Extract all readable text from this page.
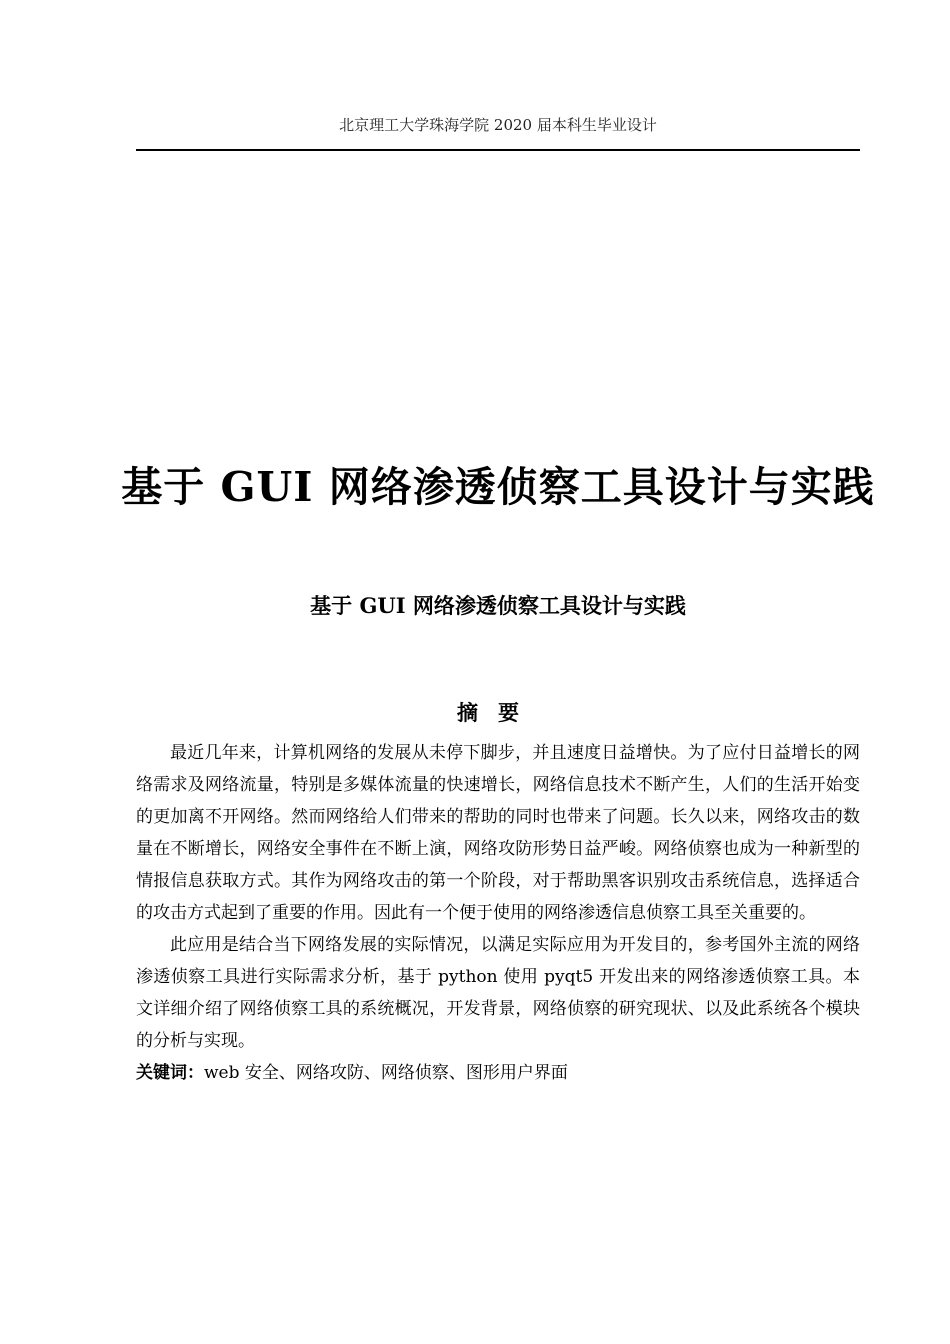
北京理工大学珠海学院 2020 届本科生毕业设计
基于 GUI 网络渗透侦察工具设计与实践
基于 GUI 网络渗透侦察工具设计与实践
摘要

最近几年来，计算机网络的发展从未停下脚步，并且速度日益增快。为了应付日益增长的网络需求及网络流量，特别是多媒体流量的快速增长，网络信息技术不断产生，人们的生活开始变的更加离不开网络。然而网络给人们带来的帮助的同时也带来了问题。长久以来，网络攻击的数量在不断增长，网络安全事件在不断上演，网络攻防形势日益严峻。网络侦察也成为一种新型的情报信息获取方式。其作为网络攻击的第一个阶段，对于帮助黑客识别攻击系统信息，选择适合的攻击方式起到了重要的作用。因此有一个便于使用的网络渗透信息侦察工具至关重要的。

此应用是结合当下网络发展的实际情况，以满足实际应用为开发目的，参考国外主流的网络渗透侦察工具进行实际需求分析，基于 python 使用 pyqt5 开发出来的网络渗透侦察工具。本文详细介绍了网络侦察工具的系统概况，开发背景，网络侦察的研究现状、以及此系统各个模块的分析与实现。

关键词：web 安全、网络攻防、网络侦察、图形用户界面
